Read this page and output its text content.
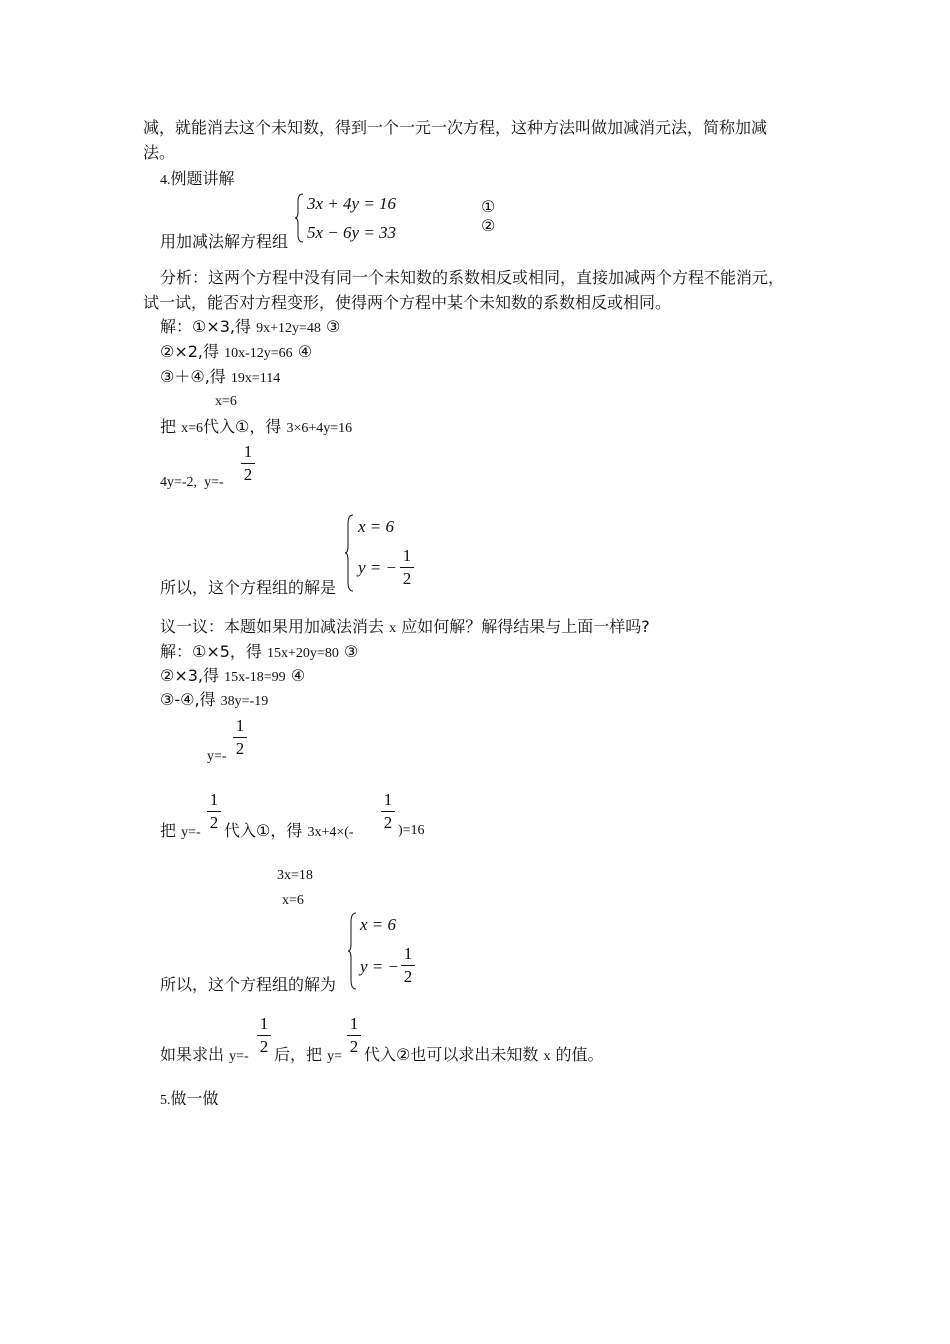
减，就能消去这个未知数，得到一个一元一次方程，这种方法叫做加减消元法，简称加减
法。
4.例题讲解
3x + 4y = 16
5x − 6y = 33
①
②
用加减法解方程组
分析：这两个方程中没有同一个未知数的系数相反或相同，直接加减两个方程不能消元，
试一试，能否对方程变形，使得两个方程中某个未知数的系数相反或相同。
解：①×3,得 9x+12y=48 ③
②×2,得 10x-12y=66 ④
③＋④,得 19x=114
x=6
把 x=6代入①，得 3×6+4y=16
4y=-2, y=-
1
2
x = 6
y = −
1
2
所以，这个方程组的解是
议一议：本题如果用加减法消去 x 应如何解？解得结果与上面一样吗?
解：①×5，得 15x+20y=80 ③
②×3,得 15x-18=99 ④
③-④,得 38y=-19
y=-
1
2
把 y=-
1
2 代入①，得 3x+4×(-
1
2 )=16
3x=18
x=6
x = 6
y = −
1
2
所以，这个方程组的解为
如果求出 y=-
1
2 后，把 y=
1
2 代入②也可以求出未知数 x 的值。
5.做一做
